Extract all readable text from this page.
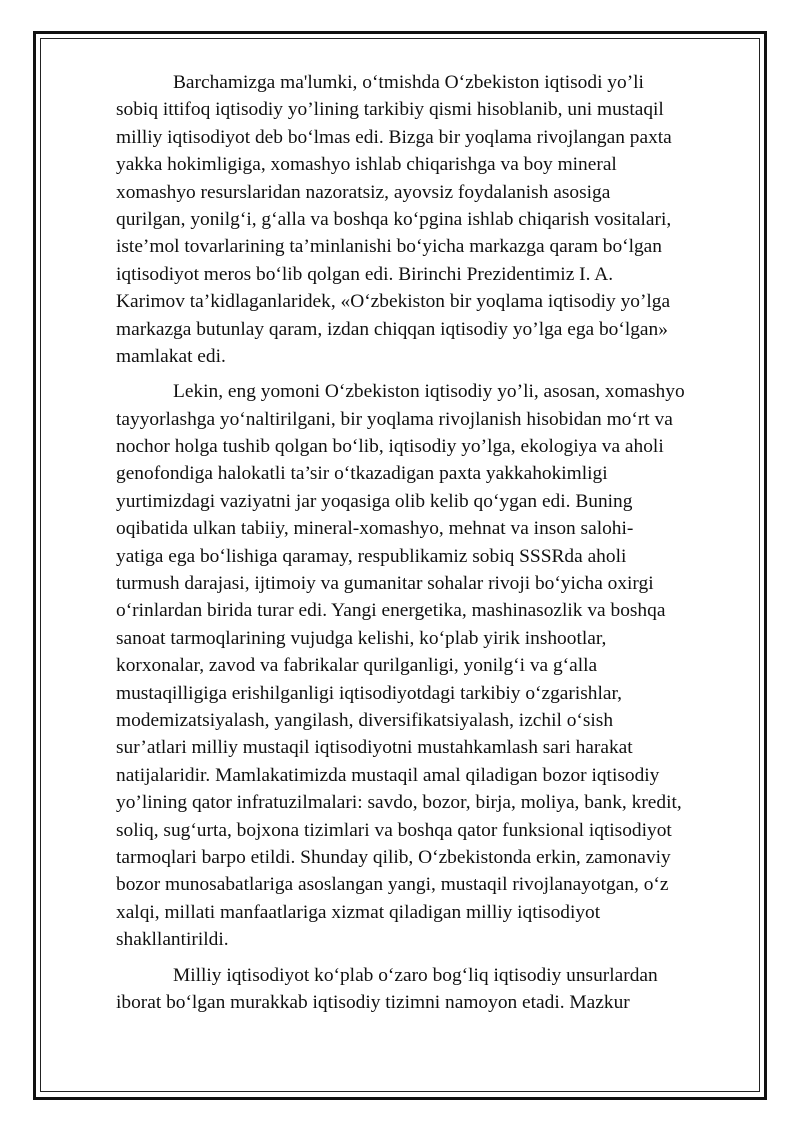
Barchamizga ma'lumki, o‘tmishda O‘zbekiston iqtisodi yo’li
sobiq ittifoq iqtisodiy yo’lining tarkibiy qismi hisoblanib, uni mustaqil
milliy iqtisodiyot deb bo‘lmas edi. Bizga bir yoqlama rivojlangan paxta
yakka hokimligiga, xomashyo ishlab chiqarishga va boy mineral
xomashyo resurslaridan nazoratsiz, ayovsiz foydalanish asosiga
qurilgan, yonilg‘i, g‘alla va boshqa ko‘pgina ishlab chiqarish vositalari,
iste’mol tovarlarining ta’minlanishi bo‘yicha markazga qaram bo‘lgan
iqtisodiyot meros bo‘lib qolgan edi. Birinchi Prezidentimiz I. A.
Karimov ta’kidlaganlaridek, «O‘zbekiston bir yoqlama iqtisodiy yo’lga
markazga butunlay qaram, izdan chiqqan iqtisodiy yo’lga ega bo‘lgan»
mamlakat edi.
Lekin, eng yomoni O‘zbekiston iqtisodiy yo’li, asosan, xomashyo
tayyorlashga yo‘naltirilgani, bir yoqlama rivojlanish hisobidan mo‘rt va
nochor holga tushib qolgan bo‘lib, iqtisodiy yo’lga, ekologiya va aholi
genofondiga halokatli ta’sir o‘tkazadigan paxta yakkahokimligi
yurtimizdagi vaziyatni jar yoqasiga olib kelib qo‘ygan edi. Buning
oqibatida ulkan tabiiy, mineral-xomashyo, mehnat va inson salohi-
yatiga ega bo‘lishiga qaramay, respublikamiz sobiq SSSRda aholi
turmush darajasi, ijtimoiy va gumanitar sohalar rivoji bo‘yicha oxirgi
o‘rinlardan birida turar edi. Yangi energetika, mashinasozlik va boshqa
sanoat tarmoqlarining vujudga kelishi, ko‘plab yirik inshootlar,
korxonalar, zavod va fabrikalar qurilganligi, yonilg‘i va g‘alla
mustaqilligiga erishilganligi iqtisodiyotdagi tarkibiy o‘zgarishlar,
modemizatsiyalash, yangilash, diversifikatsiyalash, izchil o‘sish
sur’atlari milliy mustaqil iqtisodiyotni mustahkamlash sari harakat
natijalaridir. Mamlakatimizda mustaqil amal qiladigan bozor iqtisodiy
yo’lining qator infratuzilmalari: savdo, bozor, birja, moliya, bank, kredit,
soliq, sug‘urta, bojxona tizimlari va boshqa qator funksional iqtisodiyot
tarmoqlari barpo etildi. Shunday qilib, O‘zbekistonda erkin, zamonaviy
bozor munosabatlariga asoslangan yangi, mustaqil rivojlanayotgan, o‘z
xalqi, millati manfaatlariga xizmat qiladigan milliy iqtisodiyot
shakllantirildi.
Milliy iqtisodiyot ko‘plab o‘zaro bog‘liq iqtisodiy unsurlardan
iborat bo‘lgan murakkab iqtisodiy tizimni namoyon etadi. Mazkur
